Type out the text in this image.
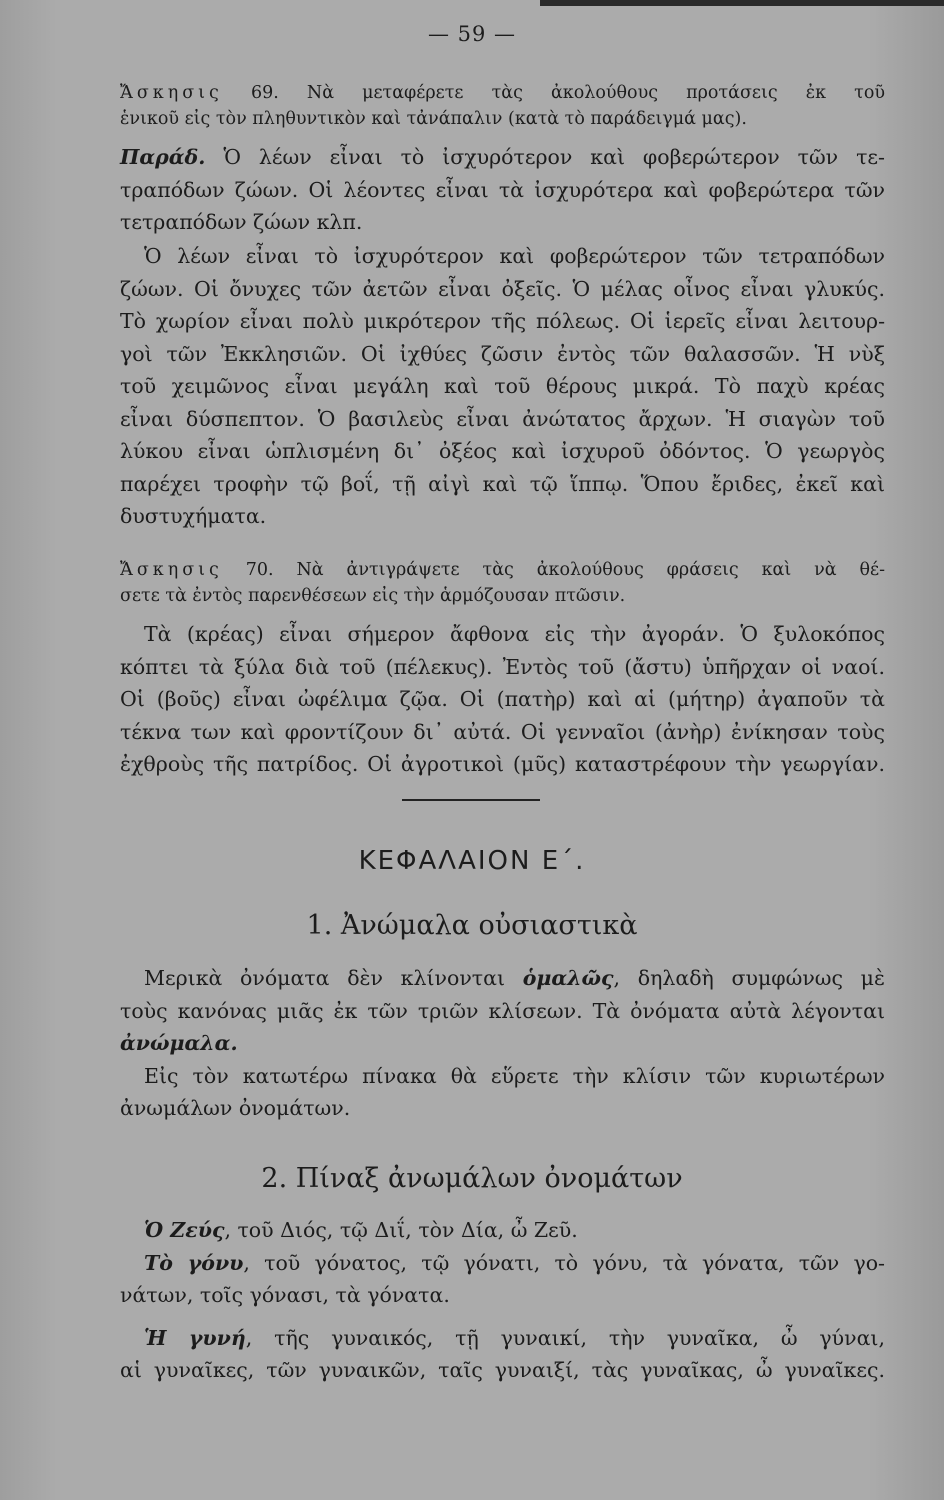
— 59 —
Ἄσκησις 69. Νὰ μεταφέρετε τὰς ἀκολούθους προτάσεις ἐκ τοῦ
ἑνικοῦ εἰς τὸν πληθυντικὸν καὶ τἀνάπαλιν (κατὰ τὸ παράδειγμά μας).
Παράδ. Ὁ λέων εἶναι τὸ ἰσχυρότερον καὶ φοβερώτερον τῶν τε-
τραπόδων ζώων. Οἱ λέοντες εἶναι τὰ ἰσχυρότερα καὶ φοβερώτερα τῶν
τετραπόδων ζώων κλπ.
Ὁ λέων εἶναι τὸ ἰσχυρότερον καὶ φοβερώτερον τῶν τετραπόδων
ζώων. Οἱ ὄνυχες τῶν ἀετῶν εἶναι ὀξεῖς. Ὁ μέλας οἶνος εἶναι γλυκύς.
Τὸ χωρίον εἶναι πολὺ μικρότερον τῆς πόλεως. Οἱ ἱερεῖς εἶναι λειτουρ-
γοὶ τῶν Ἐκκλησιῶν. Οἱ ἰχθύες ζῶσιν ἐντὸς τῶν θαλασσῶν. Ἡ νὺξ
τοῦ χειμῶνος εἶναι μεγάλη καὶ τοῦ θέρους μικρά. Τὸ παχὺ κρέας
εἶναι δύσπεπτον. Ὁ βασιλεὺς εἶναι ἀνώτατος ἄρχων. Ἡ σιαγὼν τοῦ
λύκου εἶναι ὡπλισμένη δι᾽ ὀξέος καὶ ἰσχυροῦ ὀδόντος. Ὁ γεωργὸς
παρέχει τροφὴν τῷ βοΐ, τῇ αἰγὶ καὶ τῷ ἵππῳ. Ὅπου ἔριδες, ἐκεῖ καὶ
δυστυχήματα.
Ἄσκησις 70. Νὰ ἀντιγράψετε τὰς ἀκολούθους φράσεις καὶ νὰ θέ-
σετε τὰ ἐντὸς παρενθέσεων εἰς τὴν ἁρμόζουσαν πτῶσιν.
Τὰ (κρέας) εἶναι σήμερον ἄφθονα εἰς τὴν ἀγοράν. Ὁ ξυλοκόπος
κόπτει τὰ ξύλα διὰ τοῦ (πέλεκυς). Ἐντὸς τοῦ (ἄστυ) ὑπῆρχαν οἱ ναοί.
Οἱ (βοῦς) εἶναι ὠφέλιμα ζῷα. Οἱ (πατὴρ) καὶ αἱ (μήτηρ) ἀγαποῦν τὰ
τέκνα των καὶ φροντίζουν δι᾽ αὐτά. Οἱ γενναῖοι (ἀνὴρ) ἐνίκησαν τοὺς
ἐχθροὺς τῆς πατρίδος. Οἱ ἀγροτικοὶ (μῦς) καταστρέφουν τὴν γεωργίαν.
ΚΕΦΑΛΑΙΟΝ Ε΄.
1. Ἀνώμαλα οὐσιαστικὰ
Μερικὰ ὀνόματα δὲν κλίνονται ὁμαλῶς, δηλαδὴ συμφώνως μὲ
τοὺς κανόνας μιᾶς ἐκ τῶν τριῶν κλίσεων. Τὰ ὀνόματα αὐτὰ λέγονται
ἀνώμαλα.
Εἰς τὸν κατωτέρω πίνακα θὰ εὕρετε τὴν κλίσιν τῶν κυριωτέρων
ἀνωμάλων ὀνομάτων.
2. Πίναξ ἀνωμάλων ὀνομάτων
Ὁ Ζεύς, τοῦ Διός, τῷ Διΐ, τὸν Δία, ὦ Ζεῦ.
Τὸ γόνυ, τοῦ γόνατος, τῷ γόνατι, τὸ γόνυ, τὰ γόνατα, τῶν γο-
νάτων, τοῖς γόνασι, τὰ γόνατα.
Ἡ γυνή, τῆς γυναικός, τῇ γυναικί, τὴν γυναῖκα, ὦ γύναι,
αἱ γυναῖκες, τῶν γυναικῶν, ταῖς γυναιξί, τὰς γυναῖκας, ὦ γυναῖκες.
